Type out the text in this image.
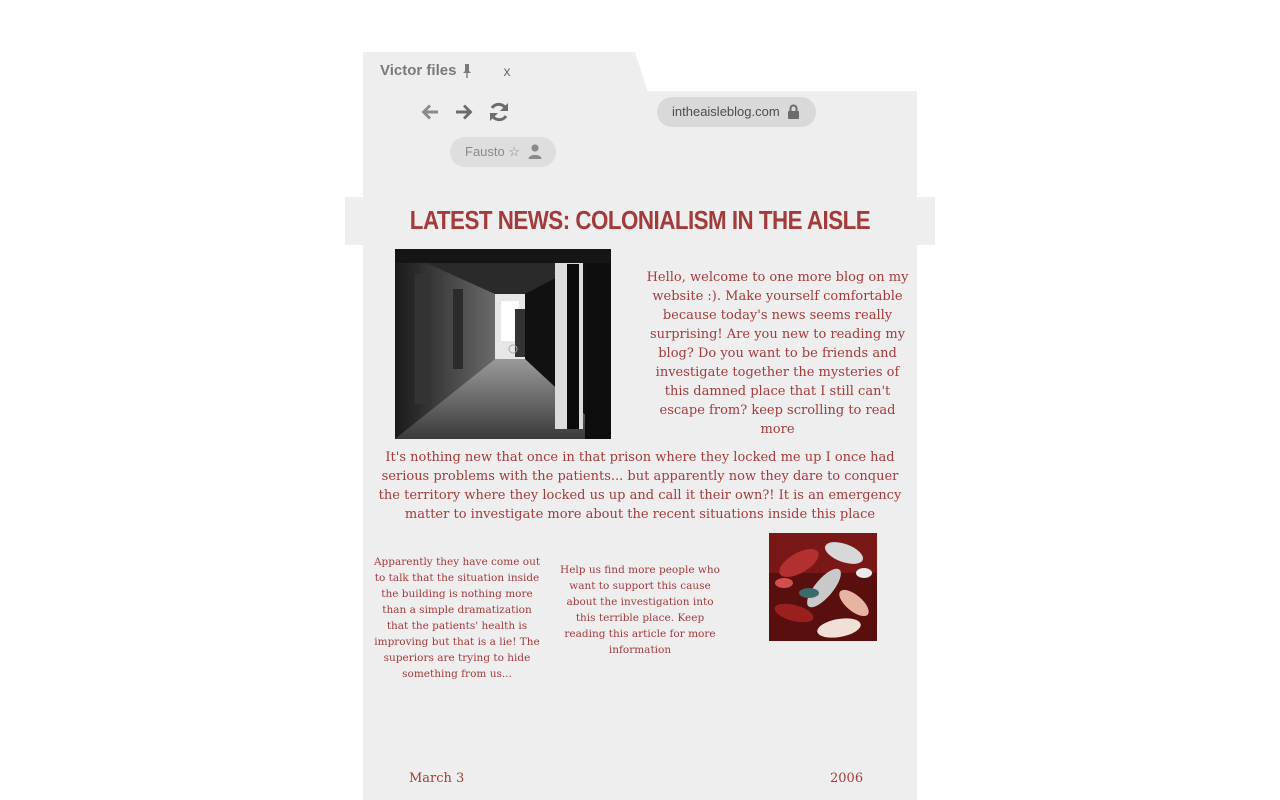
Victor files	x
intheaisleblog.com
Fausto ☆
LATEST NEWS: COLONIALISM IN THE AISLE
Hello, welcome to one more blog on my website :). Make yourself comfortable because today's news seems really surprising! Are you new to reading my blog? Do you want to be friends and investigate together the mysteries of this damned place that I still can't escape from? keep scrolling to read more
It's nothing new that once in that prison where they locked me up I once had serious problems with the patients... but apparently now they dare to conquer the territory where they locked us up and call it their own?! It is an emergency matter to investigate more about the recent situations inside this place
Apparently they have come out to talk that the situation inside the building is nothing more than a simple dramatization that the patients' health is improving but that is a lie! The superiors are trying to hide something from us...
Help us find more people who want to support this cause about the investigation into this terrible place. Keep reading this article for more information
March 3	2006
